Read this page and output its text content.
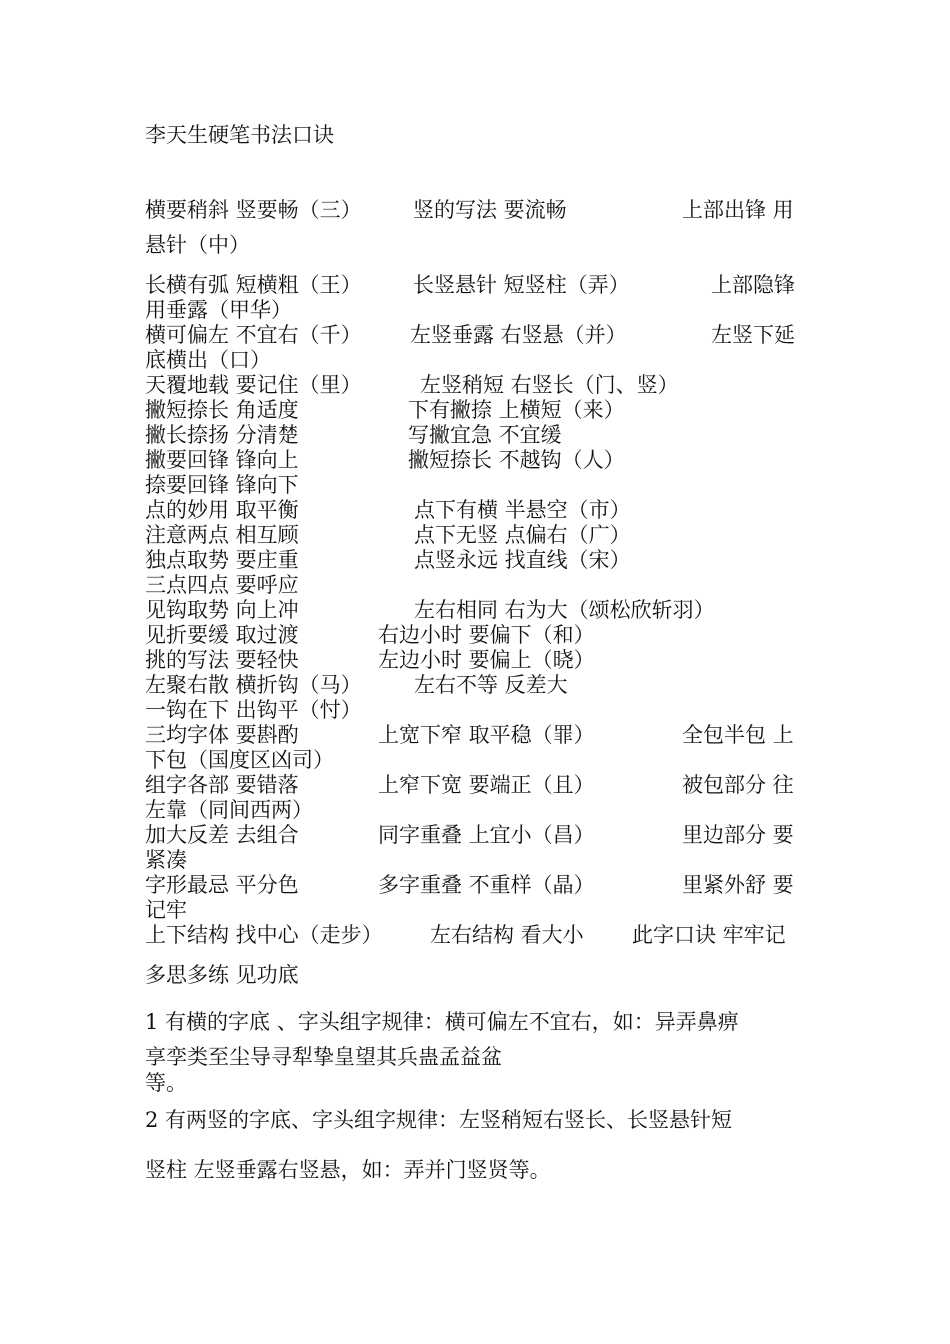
李天生硬笔书法口诀
横要稍斜 竖要畅（三） 竖的写法 要流畅	上部出锋 用
悬针（中）
长横有弧 短横粗（王） 长竖悬针 短竖柱（弄）	上部隐锋
用垂露（甲华）
横可偏左 不宜右（千） 左竖垂露 右竖悬（并）	左竖下延
底横出（口）
天覆地载 要记住（里）	左竖稍短 右竖长（门、竖）
撇短捺长 角适度	下有撇捺 上横短（来）
撇长捺扬 分清楚	写撇宜急 不宜缓
撇要回锋 锋向上	撇短捺长 不越钩（人）
捺要回锋 锋向下
点的妙用 取平衡	点下有横 半悬空（市）
注意两点 相互顾	点下无竖 点偏右（广）
独点取势 要庄重	点竖永远 找直线（宋）
三点四点 要呼应
见钩取势 向上冲	左右相同 右为大（颂松欣斩羽）
见折要缓 取过渡	右边小时 要偏下（和）
挑的写法 要轻快	左边小时 要偏上（晓）
左聚右散 横折钩（马） 左右不等 反差大
一钩在下 出钩平（忖）
三均字体 要斟酌	上宽下窄 取平稳（罪）	全包半包 上
下包（国度区凶司）
组字各部 要错落	上窄下宽 要端正（且）	被包部分 往
左靠（同间西两）
加大反差 去组合	同字重叠 上宜小（昌）	里边部分 要
紧凑
字形最忌 平分色	多字重叠 不重样（晶）	里紧外舒 要
记牢
上下结构 找中心（走步） 左右结构 看大小 此字口诀 牢牢记
多思多练 见功底
1 有横的字底 、字头组字规律：横可偏左不宜右，如：异弄鼻痹
享孪类至尘导寻犁挚皇望其兵蛊孟益盆
等。
2 有两竖的字底、字头组字规律：左竖稍短右竖长、长竖悬针短
竖柱 左竖垂露右竖悬，如：弄并门竖贤等。
